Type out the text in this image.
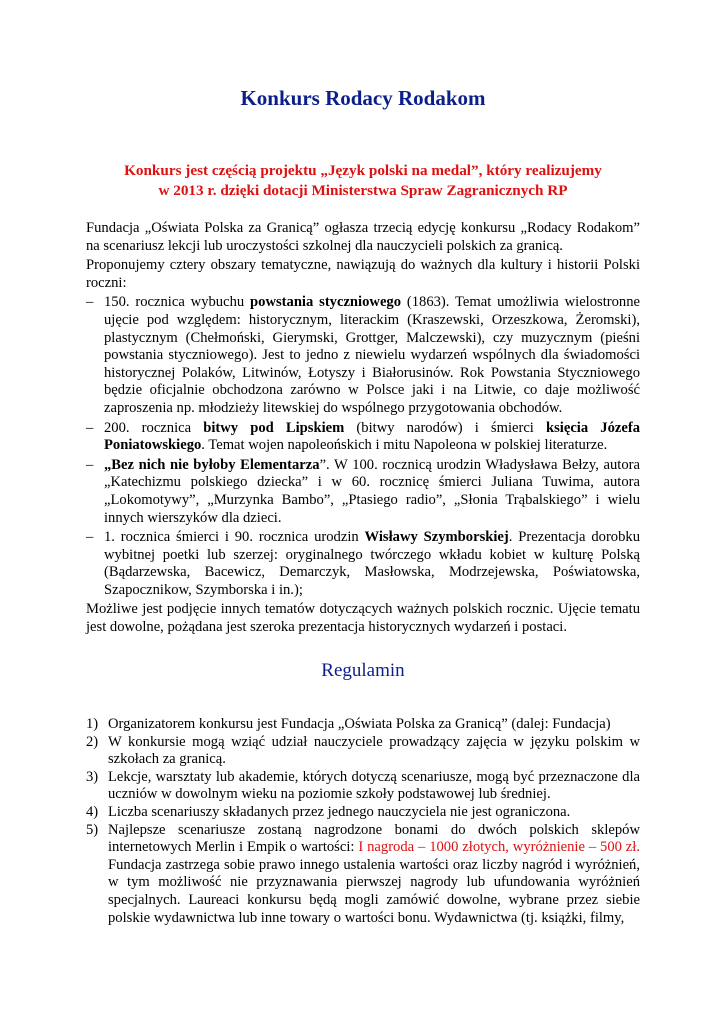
Konkurs Rodacy Rodakom
Konkurs jest częścią projektu „Język polski na medal”, który realizujemy
w 2013 r. dzięki dotacji Ministerstwa Spraw Zagranicznych RP

Fundacja „Oświata Polska za Granicą” ogłasza trzecią edycję konkursu „Rodacy Rodakom” na scenariusz lekcji lub uroczystości szkolnej dla nauczycieli polskich za granicą.

Proponujemy cztery obszary tematyczne, nawiązują do ważnych dla kultury i historii Polski roczni:

– 150. rocznica wybuchu powstania styczniowego (1863). Temat umożliwia wielostronne ujęcie pod względem: historycznym, literackim (Kraszewski, Orzeszkowa, Żeromski), plastycznym (Chełmoński, Gierymski, Grottger, Malczewski), czy muzycznym (pieśni powstania styczniowego). Jest to jedno z niewielu wydarzeń wspólnych dla świadomości historycznej Polaków, Litwinów, Łotyszy i Białorusinów. Rok Powstania Styczniowego będzie oficjalnie obchodzona zarówno w Polsce jaki i na Litwie, co daje możliwość zaproszenia np. młodzieży litewskiej do wspólnego przygotowania obchodów.
– 200. rocznica bitwy pod Lipskiem (bitwy narodów) i śmierci księcia Józefa Poniatowskiego. Temat wojen napoleońskich i mitu Napoleona w polskiej literaturze.
– „Bez nich nie byłoby Elementarza”. W 100. rocznicą urodzin Władysława Bełzy, autora „Katechizmu polskiego dziecka” i w 60. rocznicę śmierci Juliana Tuwima, autora „Lokomotywy”, „Murzynka Bambo”, „Ptasiego radio”, „Słonia Trąbalskiego” i wielu innych wierszyków dla dzieci.
– 1. rocznica śmierci i 90. rocznica urodzin Wisławy Szymborskiej. Prezentacja dorobku wybitnej poetki lub szerzej: oryginalnego twórczego wkładu kobiet w kulturę Polską (Bądarzewska, Bacewicz, Demarczyk, Masłowska, Modrzejewska, Poświatowska, Szapocznikow, Szymborska i in.);

Możliwe jest podjęcie innych tematów dotyczących ważnych polskich rocznic. Ujęcie tematu jest dowolne, pożądana jest szeroka prezentacja historycznych wydarzeń i postaci.

Regulamin
1) Organizatorem konkursu jest Fundacja „Oświata Polska za Granicą” (dalej: Fundacja)
2) W konkursie mogą wziąć udział nauczyciele prowadzący zajęcia w języku polskim w szkołach za granicą.
3) Lekcje, warsztaty lub akademie, których dotyczą scenariusze, mogą być przeznaczone dla uczniów w dowolnym wieku na poziomie szkoły podstawowej lub średniej.
4) Liczba scenariuszy składanych przez jednego nauczyciela nie jest ograniczona.
5) Najlepsze scenariusze zostaną nagrodzone bonami do dwóch polskich sklepów internetowych Merlin i Empik o wartości: I nagroda – 1000 złotych, wyróżnienie – 500 zł. Fundacja zastrzega sobie prawo innego ustalenia wartości oraz liczby nagród i wyróżnień, w tym możliwość nie przyznawania pierwszej nagrody lub ufundowania wyróżnień specjalnych. Laureaci konkursu będą mogli zamówić dowolne, wybrane przez siebie polskie wydawnictwa lub inne towary o wartości bonu. Wydawnictwa (tj. książki, filmy,
